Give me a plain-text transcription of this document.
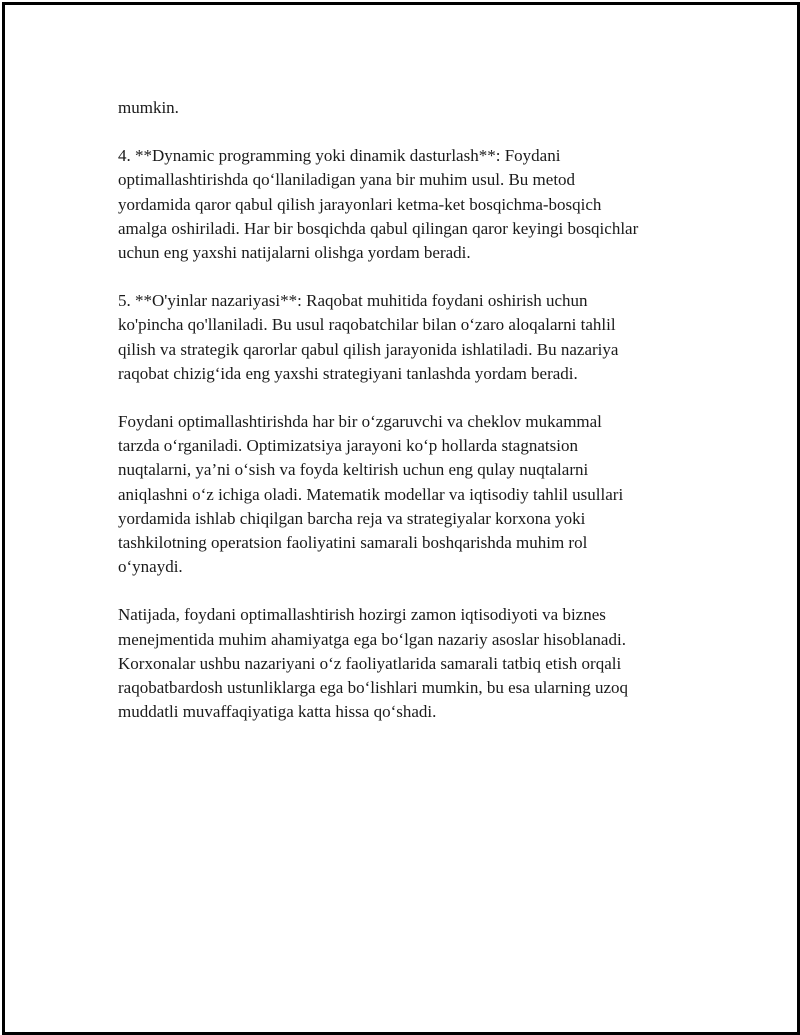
mumkin.

4. **Dynamic programming yoki dinamik dasturlash**: Foydani
optimallashtirishda qo‘llaniladigan yana bir muhim usul. Bu metod
yordamida qaror qabul qilish jarayonlari ketma-ket bosqichma-bosqich
amalga oshiriladi. Har bir bosqichda qabul qilingan qaror keyingi bosqichlar
uchun eng yaxshi natijalarni olishga yordam beradi.

5. **O'yinlar nazariyasi**: Raqobat muhitida foydani oshirish uchun
ko'pincha qo'llaniladi. Bu usul raqobatchilar bilan o‘zaro aloqalarni tahlil
qilish va strategik qarorlar qabul qilish jarayonida ishlatiladi. Bu nazariya
raqobat chizig‘ida eng yaxshi strategiyani tanlashda yordam beradi.

Foydani optimallashtirishda har bir o‘zgaruvchi va cheklov mukammal
tarzda o‘rganiladi. Optimizatsiya jarayoni ko‘p hollarda stagnatsion
nuqtalarni, ya’ni o‘sish va foyda keltirish uchun eng qulay nuqtalarni
aniqlashni o‘z ichiga oladi. Matematik modellar va iqtisodiy tahlil usullari
yordamida ishlab chiqilgan barcha reja va strategiyalar korxona yoki
tashkilotning operatsion faoliyatini samarali boshqarishda muhim rol
o‘ynaydi.

Natijada, foydani optimallashtirish hozirgi zamon iqtisodiyoti va biznes
menejmentida muhim ahamiyatga ega bo‘lgan nazariy asoslar hisoblanadi.
Korxonalar ushbu nazariyani o‘z faoliyatlarida samarali tatbiq etish orqali
raqobatbardosh ustunliklarga ega bo‘lishlari mumkin, bu esa ularning uzoq
muddatli muvaffaqiyatiga katta hissa qo‘shadi.
